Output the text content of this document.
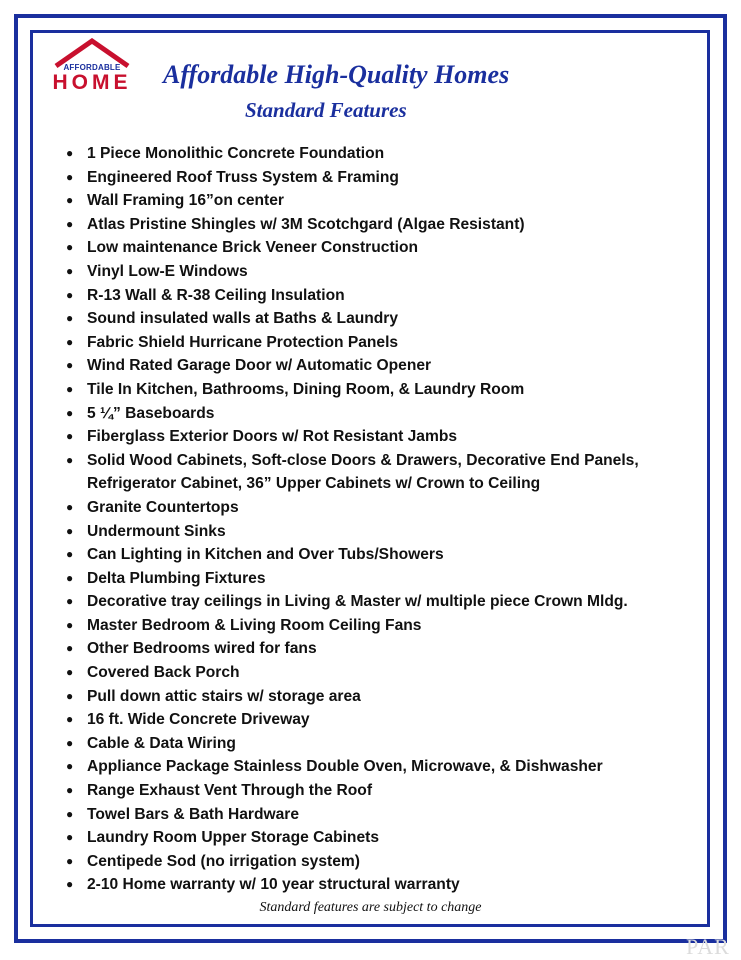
AFFORDABLE
HOME Affordable High-Quality Homes
Standard Features
● 1 Piece Monolithic Concrete Foundation
● Engineered Roof Truss System & Framing
● Wall Framing 16”on center
● Atlas Pristine Shingles w/ 3M Scotchgard (Algae Resistant)
● Low maintenance Brick Veneer Construction
● Vinyl Low-E Windows
● R-13 Wall & R-38 Ceiling Insulation
● Sound insulated walls at Baths & Laundry
● Fabric Shield Hurricane Protection Panels
● Wind Rated Garage Door w/ Automatic Opener
● Tile In Kitchen, Bathrooms, Dining Room, & Laundry Room
● 5 ¼” Baseboards
● Fiberglass Exterior Doors w/ Rot Resistant Jambs
● Solid Wood Cabinets, Soft-close Doors & Drawers, Decorative End Panels, Refrigerator Cabinet, 36” Upper Cabinets w/ Crown to Ceiling
● Granite Countertops
● Undermount Sinks
● Can Lighting in Kitchen and Over Tubs/Showers
● Delta Plumbing Fixtures
● Decorative tray ceilings in Living & Master w/ multiple piece Crown Mldg.
● Master Bedroom & Living Room Ceiling Fans
● Other Bedrooms wired for fans
● Covered Back Porch
● Pull down attic stairs w/ storage area
● 16 ft. Wide Concrete Driveway
● Cable & Data Wiring
● Appliance Package Stainless Double Oven, Microwave, & Dishwasher
● Range Exhaust Vent Through the Roof
● Towel Bars & Bath Hardware
● Laundry Room Upper Storage Cabinets
● Centipede Sod (no irrigation system)
● 2-10 Home warranty w/ 10 year structural warranty
Standard features are subject to change
PAR
